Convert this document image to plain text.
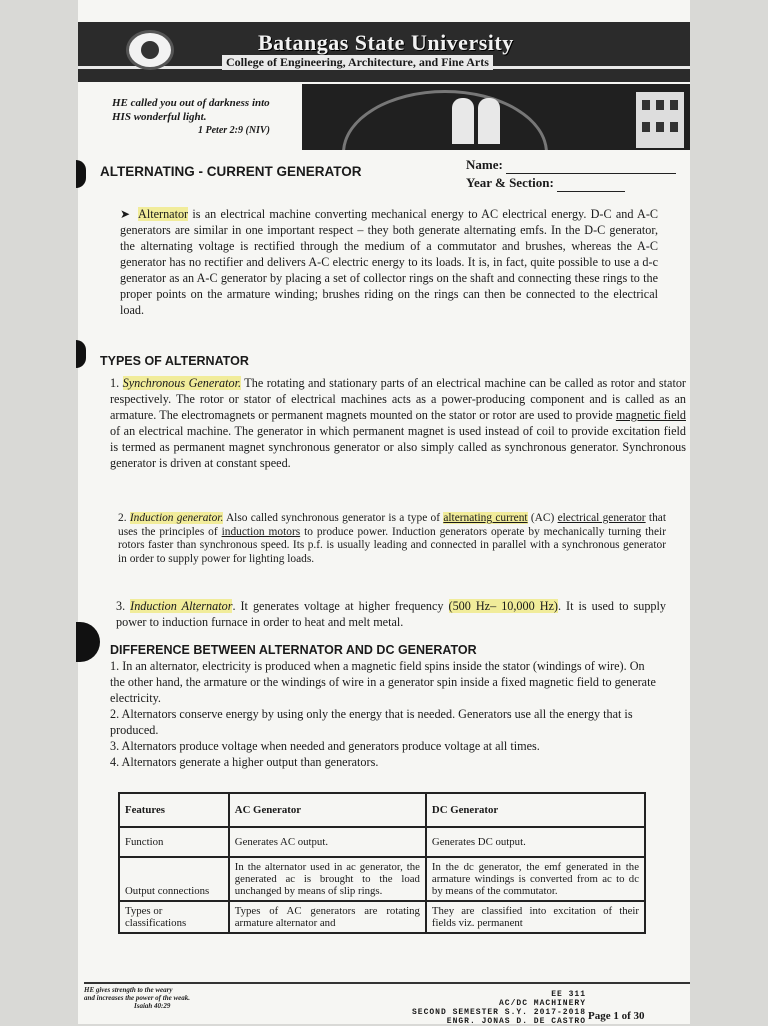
Batangas State University
College of Engineering, Architecture, and Fine Arts
HE called you out of darkness into
HIS wonderful light.
1 Peter 2:9 (NIV)
ALTERNATING - CURRENT GENERATOR	Name:
Year & Section:
➤ Alternator is an electrical machine converting mechanical energy to AC electrical energy. D-C and A-C generators are similar in one important respect – they both generate alternating emfs. In the D-C generator, the alternating voltage is rectified through the medium of a commutator and brushes, whereas the A-C generator has no rectifier and delivers A-C electric energy to its loads. It is, in fact, quite possible to use a d-c generator as an A-C generator by placing a set of collector rings on the shaft and connecting these rings to the proper points on the armature winding; brushes riding on the rings can then be connected to the electrical load.
TYPES OF ALTERNATOR
1. Synchronous Generator. The rotating and stationary parts of an electrical machine can be called as rotor and stator respectively. The rotor or stator of electrical machines acts as a power-producing component and is called as an armature. The electromagnets or permanent magnets mounted on the stator or rotor are used to provide magnetic field of an electrical machine. The generator in which permanent magnet is used instead of coil to provide excitation field is termed as permanent magnet synchronous generator or also simply called as synchronous generator. Synchronous generator is driven at constant speed.
2. Induction generator. Also called synchronous generator is a type of alternating current (AC) electrical generator that uses the principles of induction motors to produce power. Induction generators operate by mechanically turning their rotors faster than synchronous speed. Its p.f. is usually leading and connected in parallel with a synchronous generator in order to supply power for lighting loads.
3. Induction Alternator. It generates voltage at higher frequency (500 Hz– 10,000 Hz). It is used to supply power to induction furnace in order to heat and melt metal.
DIFFERENCE BETWEEN ALTERNATOR AND DC GENERATOR
1. In an alternator, electricity is produced when a magnetic field spins inside the stator (windings of wire). On the other hand, the armature or the windings of wire in a generator spin inside a fixed magnetic field to generate electricity.
2. Alternators conserve energy by using only the energy that is needed. Generators use all the energy that is produced.
3. Alternators produce voltage when needed and generators produce voltage at all times.
4. Alternators generate a higher output than generators.
Features	AC Generator	DC Generator
Function	Generates AC output.	Generates DC output.
Output connections	In the alternator used in ac generator, the generated ac is brought to the load unchanged by means of slip rings.	In the dc generator, the emf generated in the armature windings is converted from ac to dc by means of the commutator.
Types or classifications	Types of AC generators are rotating armature alternator and	They are classified into excitation of their fields viz. permanent
HE gives strength to the weary
and increases the power of the weak.
Isaiah 40:29
EE 311
AC/DC MACHINERY
SECOND SEMESTER S.Y. 2017-2018
ENGR. JONAS D. DE CASTRO Page 1 of 30
